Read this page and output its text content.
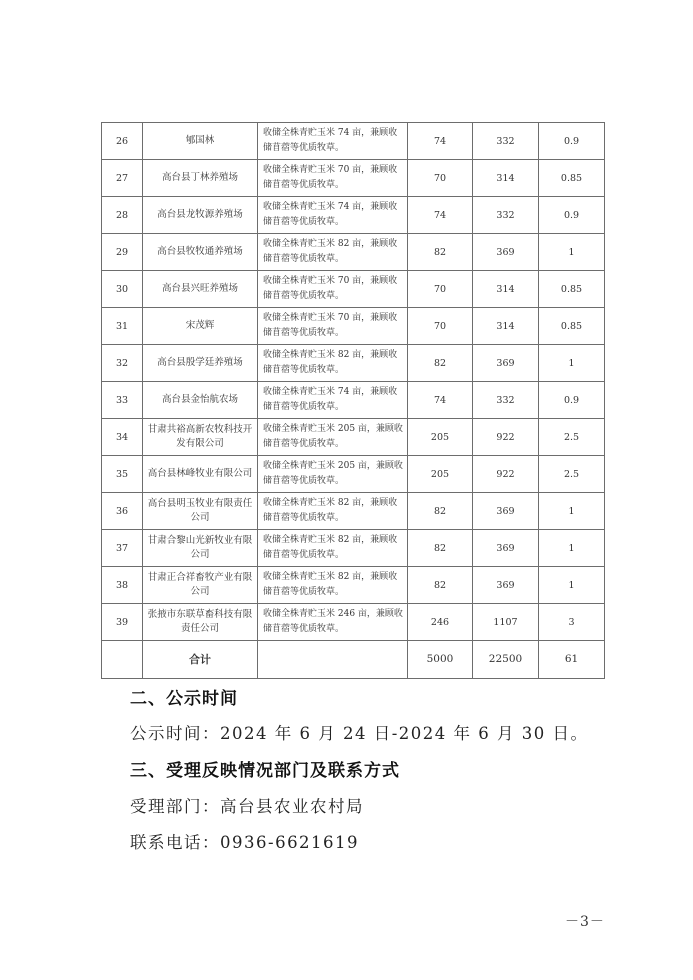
26	郇国林	收储全株青贮玉米 74 亩，兼顾收储苜蓿等优质牧草。	74	332	0.9
27	高台县丁林养殖场	收储全株青贮玉米 70 亩，兼顾收储苜蓿等优质牧草。	70	314	0.85
28	高台县龙牧源养殖场	收储全株青贮玉米 74 亩，兼顾收储苜蓿等优质牧草。	74	332	0.9
29	高台县牧牧通养殖场	收储全株青贮玉米 82 亩，兼顾收储苜蓿等优质牧草。	82	369	1
30	高台县兴旺养殖场	收储全株青贮玉米 70 亩，兼顾收储苜蓿等优质牧草。	70	314	0.85
31	宋茂辉	收储全株青贮玉米 70 亩，兼顾收储苜蓿等优质牧草。	70	314	0.85
32	高台县殷学廷养殖场	收储全株青贮玉米 82 亩，兼顾收储苜蓿等优质牧草。	82	369	1
33	高台县金怡航农场	收储全株青贮玉米 74 亩，兼顾收储苜蓿等优质牧草。	74	332	0.9
34	甘肃共裕高新农牧科技开发有限公司	收储全株青贮玉米 205 亩，兼顾收储苜蓿等优质牧草。	205	922	2.5
35	高台县林峰牧业有限公司	收储全株青贮玉米 205 亩，兼顾收储苜蓿等优质牧草。	205	922	2.5
36	高台县明玉牧业有限责任公司	收储全株青贮玉米 82 亩，兼顾收储苜蓿等优质牧草。	82	369	1
37	甘肃合黎山光新牧业有限公司	收储全株青贮玉米 82 亩，兼顾收储苜蓿等优质牧草。	82	369	1
38	甘肃正合祥畜牧产业有限公司	收储全株青贮玉米 82 亩，兼顾收储苜蓿等优质牧草。	82	369	1
39	张掖市东联草畜科技有限责任公司	收储全株青贮玉米 246 亩，兼顾收储苜蓿等优质牧草。	246	1107	3
	合计		5000	22500	61
二、公示时间
公示时间：2024 年 6 月 24 日-2024 年 6 月 30 日。
三、受理反映情况部门及联系方式
受理部门：高台县农业农村局
联系电话：0936-6621619
－3－
